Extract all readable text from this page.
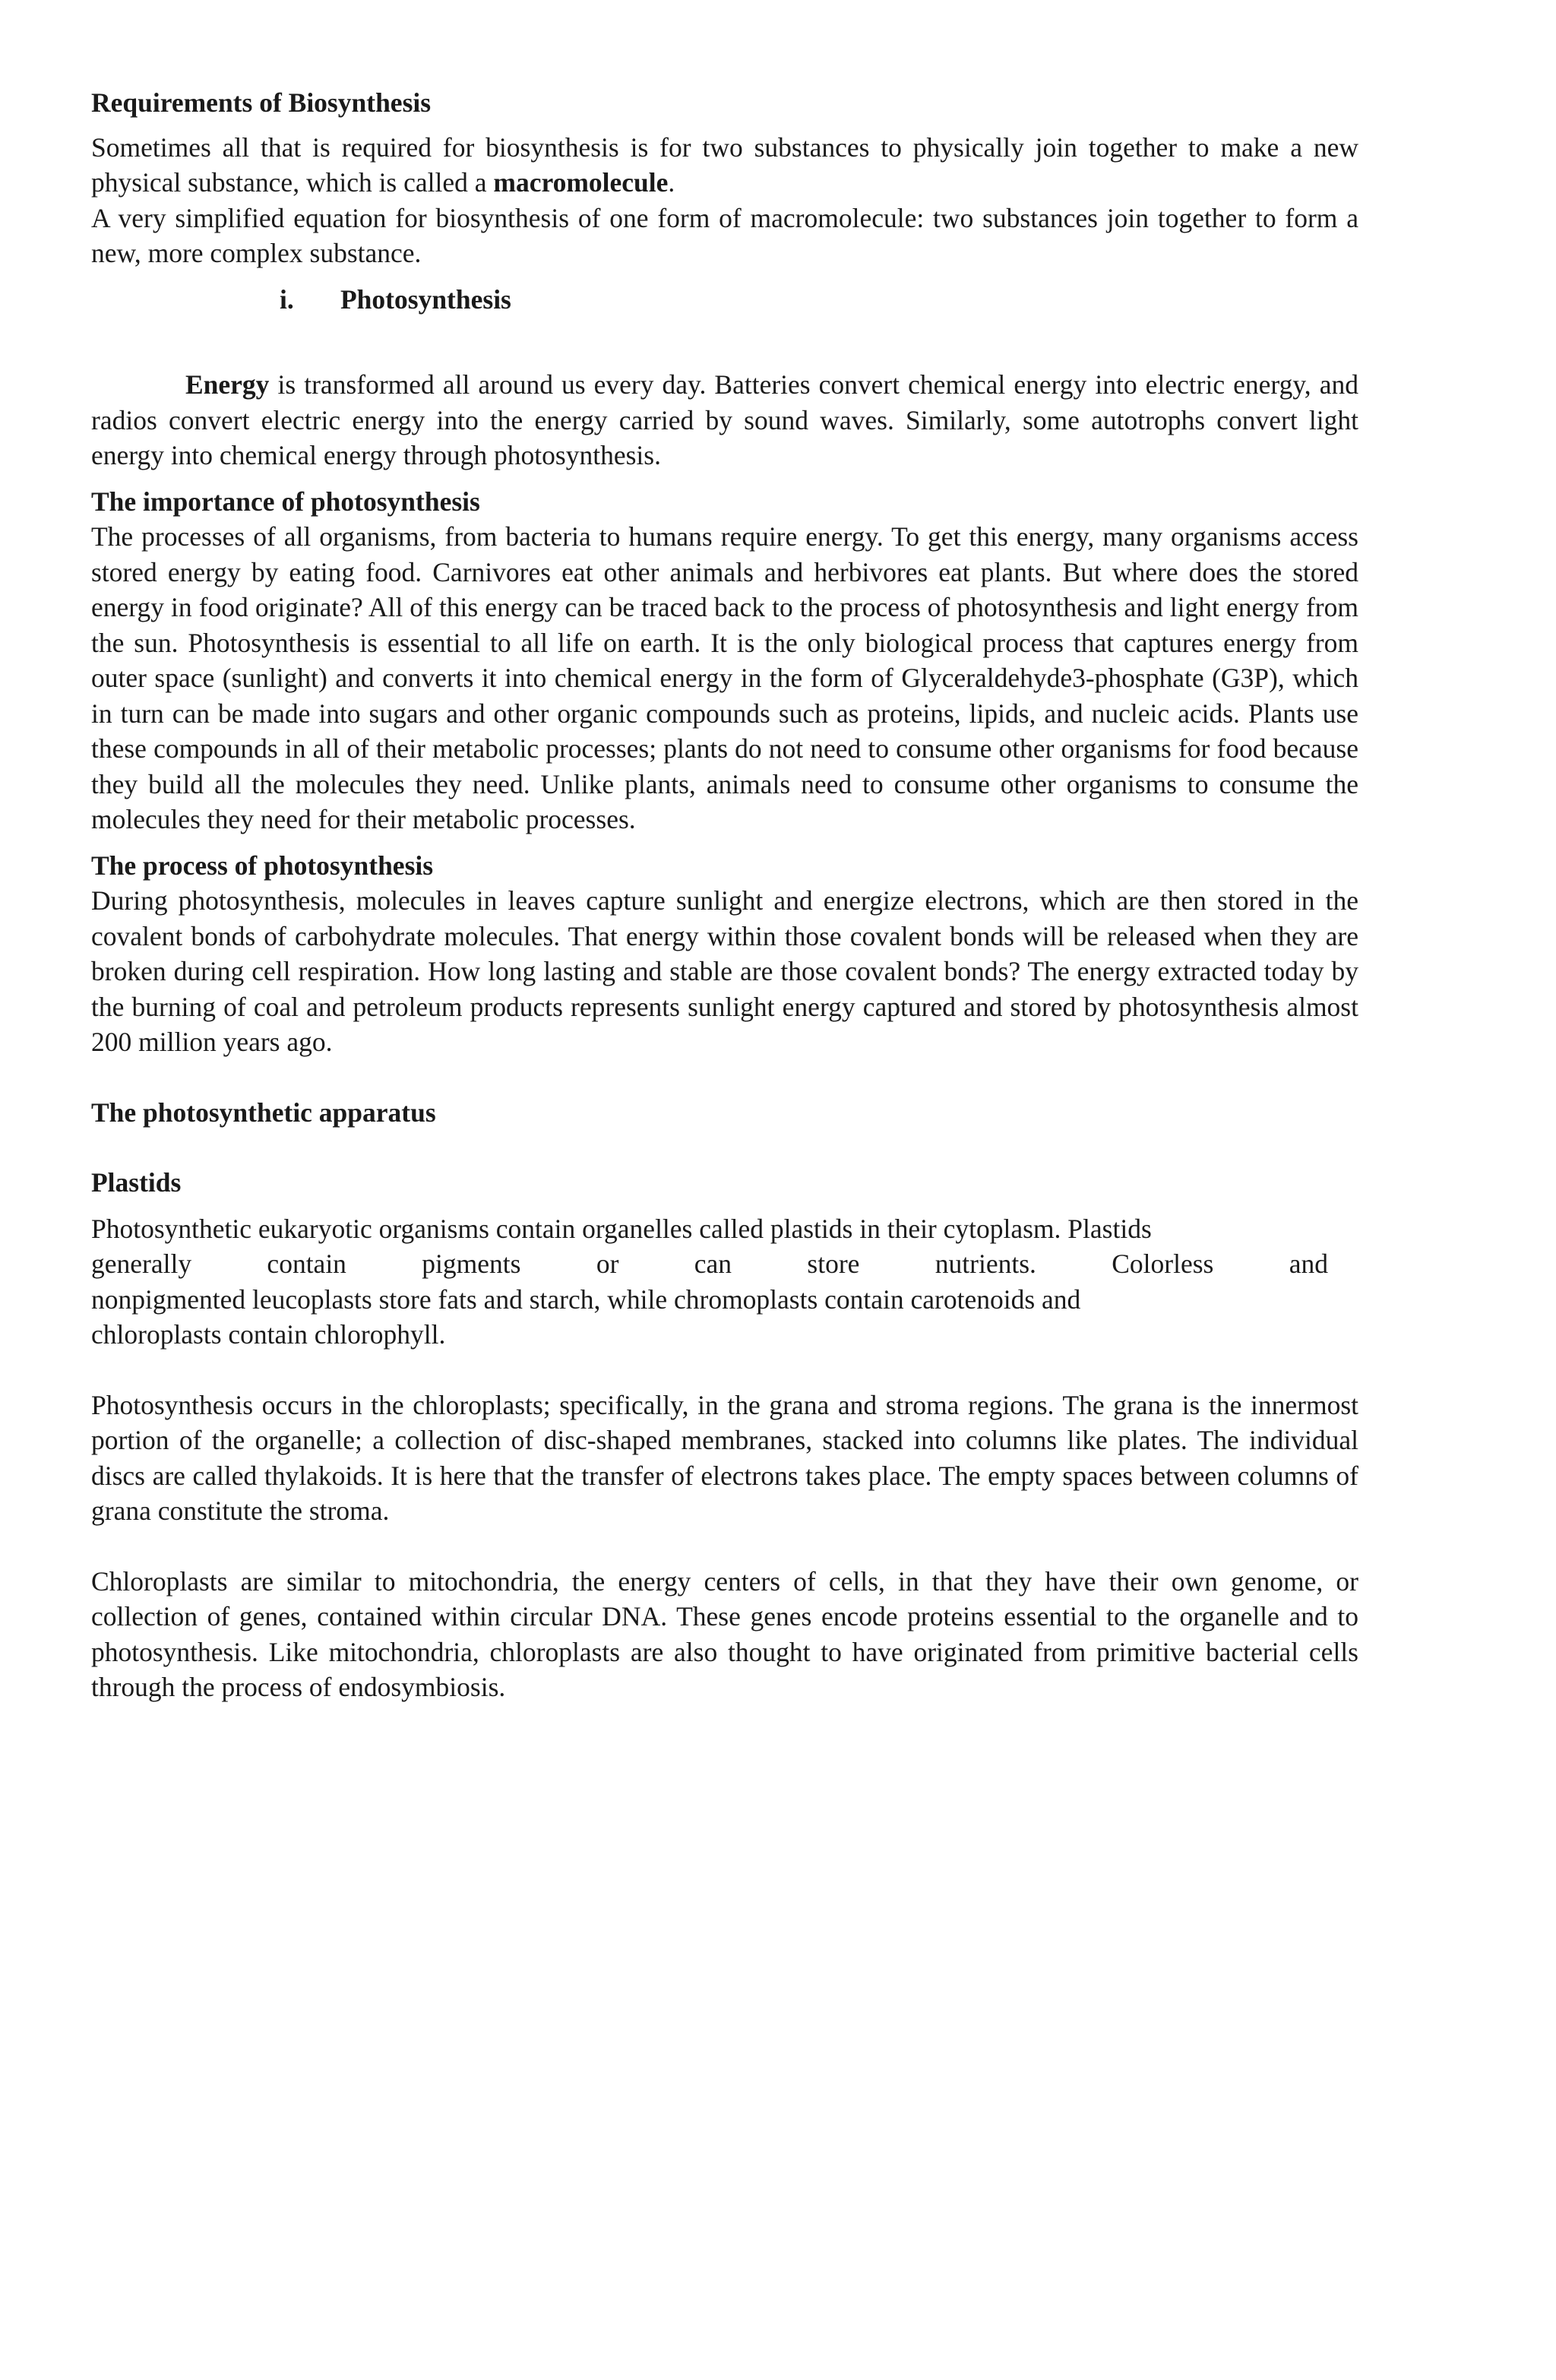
Requirements of Biosynthesis

Sometimes all that is required for biosynthesis is for two substances to physically join together to make a new physical substance, which is called a macromolecule.

A very simplified equation for biosynthesis of one form of macromolecule: two substances join together to form a new, more complex substance.

i. Photosynthesis

Energy is transformed all around us every day. Batteries convert chemical energy into electric energy, and radios convert electric energy into the energy carried by sound waves. Similarly, some autotrophs convert light energy into chemical energy through photosynthesis.

The importance of photosynthesis

The processes of all organisms, from bacteria to humans require energy. To get this energy, many organisms access stored energy by eating food. Carnivores eat other animals and herbivores eat plants. But where does the stored energy in food originate? All of this energy can be traced back to the process of photosynthesis and light energy from the sun. Photosynthesis is essential to all life on earth. It is the only biological process that captures energy from outer space (sunlight) and converts it into chemical energy in the form of Glyceraldehyde3-phosphate (G3P), which in turn can be made into sugars and other organic compounds such as proteins, lipids, and nucleic acids. Plants use these compounds in all of their metabolic processes; plants do not need to consume other organisms for food because they build all the molecules they need. Unlike plants, animals need to consume other organisms to consume the molecules they need for their metabolic processes.

The process of photosynthesis

During photosynthesis, molecules in leaves capture sunlight and energize electrons, which are then stored in the covalent bonds of carbohydrate molecules. That energy within those covalent bonds will be released when they are broken during cell respiration. How long lasting and stable are those covalent bonds? The energy extracted today by the burning of coal and petroleum products represents sunlight energy captured and stored by photosynthesis almost 200 million years ago.

The photosynthetic apparatus
Plastids

Photosynthetic eukaryotic organisms contain organelles called plastids in their cytoplasm. Plastids

generally contain pigments or can store nutrients. Colorless and

nonpigmented leucoplasts store fats and starch, while chromoplasts contain carotenoids and

chloroplasts contain chlorophyll.

Photosynthesis occurs in the chloroplasts; specifically, in the grana and stroma regions. The grana is the innermost portion of the organelle; a collection of disc-shaped membranes, stacked into columns like plates. The individual discs are called thylakoids. It is here that the transfer of electrons takes place. The empty spaces between columns of grana constitute the stroma.

Chloroplasts are similar to mitochondria, the energy centers of cells, in that they have their own genome, or collection of genes, contained within circular DNA. These genes encode proteins essential to the organelle and to photosynthesis. Like mitochondria, chloroplasts are also thought to have originated from primitive bacterial cells through the process of endosymbiosis.
